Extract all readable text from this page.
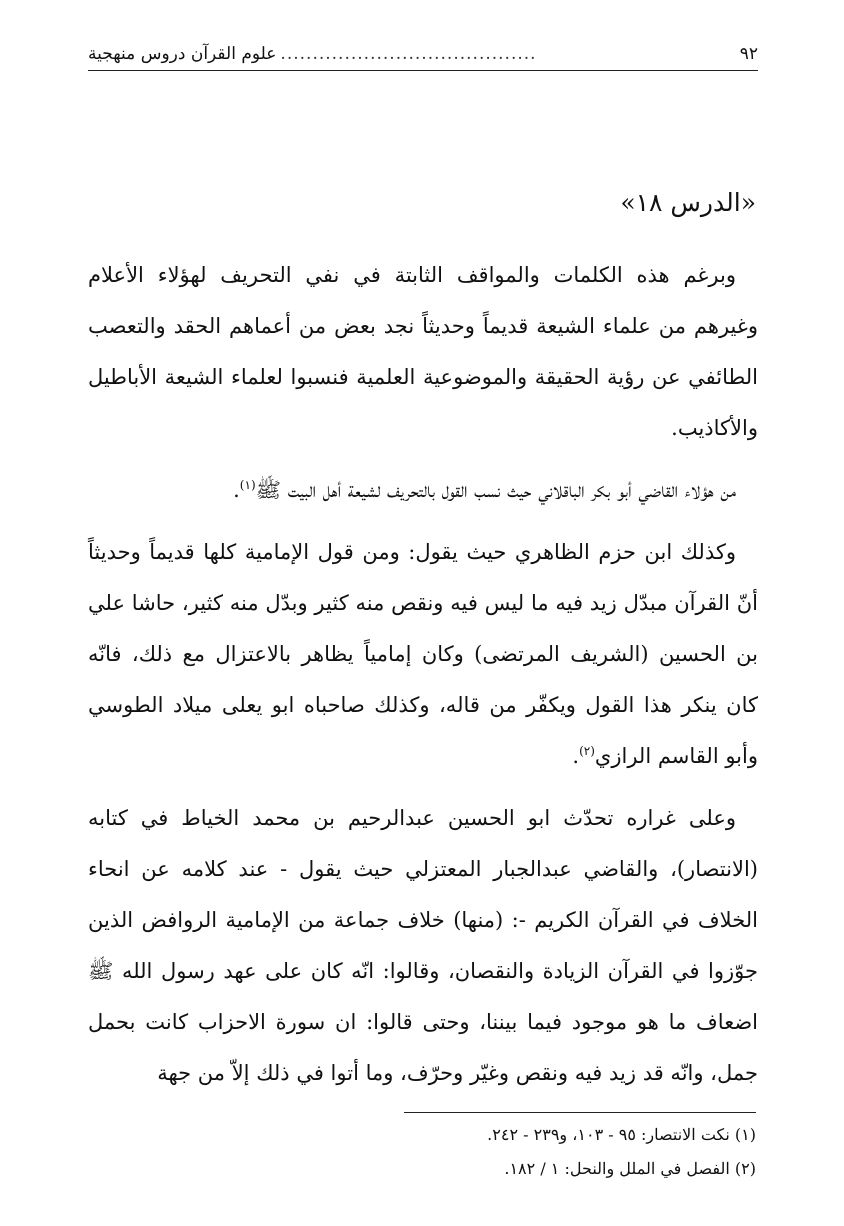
٩٢
........................................
علوم القرآن دروس منهجية
«الدرس ١٨»

وبرغم هذه الكلمات والمواقف الثابتة في نفي التحريف لهؤلاء الأعلام وغيرهم من علماء الشيعة قديماً وحديثاً نجد بعض من أعماهم الحقد والتعصب الطائفي عن رؤية الحقيقة والموضوعية العلمية فنسبوا لعلماء الشيعة الأباطيل والأكاذيب.

من هؤلاء القاضي أبو بكر الباقلاني حيث نسب القول بالتحريف لشيعة أهل البيت ﷺ$^{(١)}$.

وكذلك ابن حزم الظاهري حيث يقول: ومن قول الإمامية كلها قديماً وحديثاً أنّ القرآن مبدّل زيد فيه ما ليس فيه ونقص منه كثير وبدّل منه كثير، حاشا علي بن الحسين (الشريف المرتضى) وكان إمامياً يظاهر بالاعتزال مع ذلك، فانّه كان ينكر هذا القول ويكفّر من قاله، وكذلك صاحباه ابو يعلى ميلاد الطوسي وأبو القاسم الرازي$^{(٢)}$.

وعلى غراره تحدّث ابو الحسين عبدالرحيم بن محمد الخياط في كتابه (الانتصار)، والقاضي عبدالجبار المعتزلي حيث يقول - عند كلامه عن انحاء الخلاف في القرآن الكريم -: (منها) خلاف جماعة من الإمامية الروافض الذين جوّزوا في القرآن الزيادة والنقصان، وقالوا: انّه كان على عهد رسول الله ﷺ اضعاف ما هو موجود فيما بيننا، وحتى قالوا: ان سورة الاحزاب كانت بحمل جمل، وانّه قد زيد فيه ونقص وغيّر وحرّف، وما أتوا في ذلك إلاّ من جهة

(١) نكت الانتصار: ٩٥ - ١٠٣، و٢٣٩ - ٢٤٢.
(٢) الفصل في الملل والنحل: ١ / ١٨٢.
